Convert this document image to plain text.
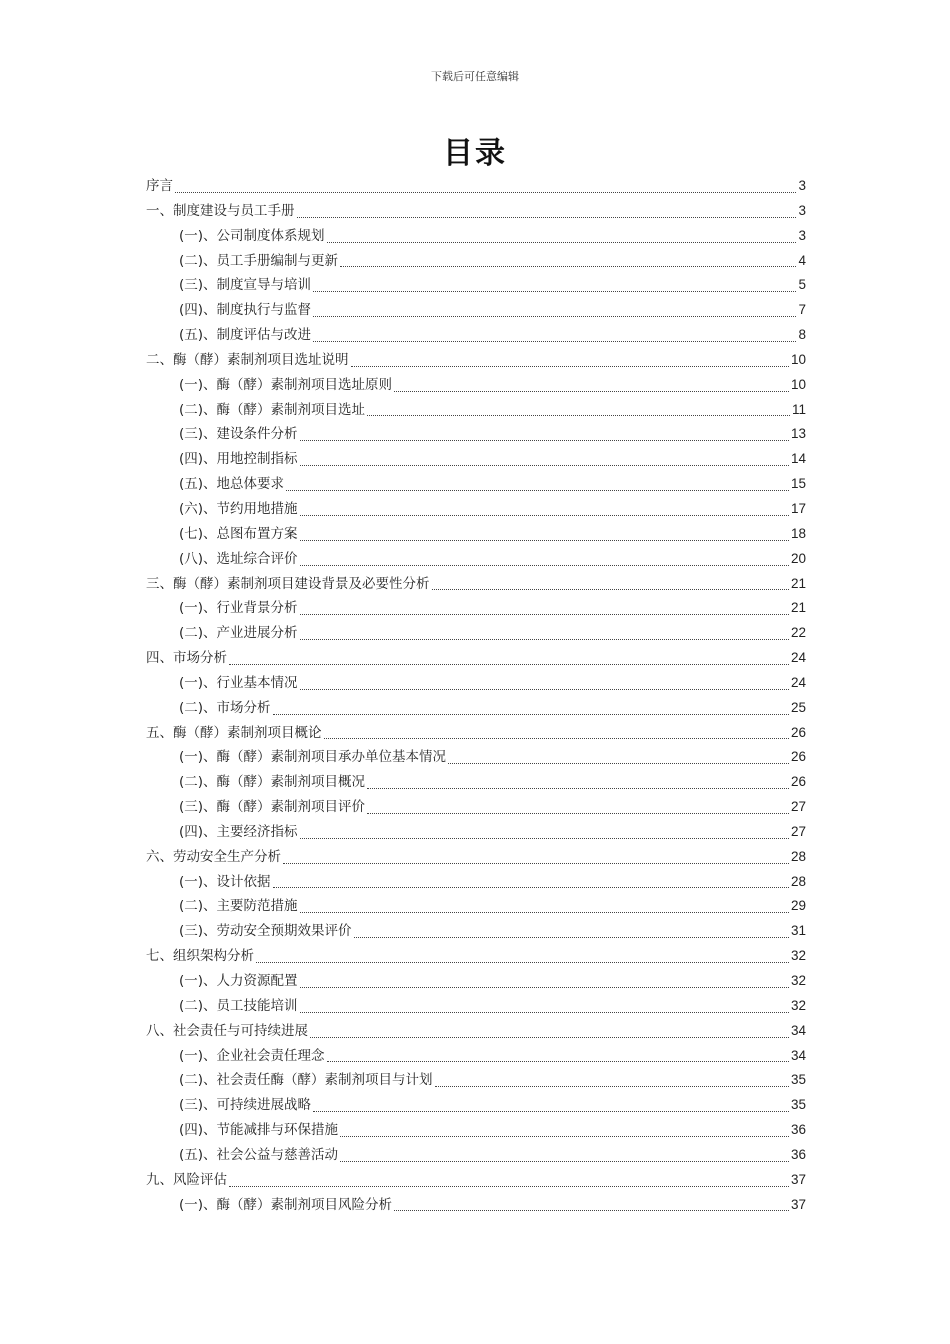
下载后可任意编辑
目录
序言	3
一、制度建设与员工手册	3
(一)、公司制度体系规划	3
(二)、员工手册编制与更新	4
(三)、制度宣导与培训	5
(四)、制度执行与监督	7
(五)、制度评估与改进	8
二、酶（酵）素制剂项目选址说明	10
(一)、酶（酵）素制剂项目选址原则	10
(二)、酶（酵）素制剂项目选址	11
(三)、建设条件分析	13
(四)、用地控制指标	14
(五)、地总体要求	15
(六)、节约用地措施	17
(七)、总图布置方案	18
(八)、选址综合评价	20
三、酶（酵）素制剂项目建设背景及必要性分析	21
(一)、行业背景分析	21
(二)、产业进展分析	22
四、市场分析	24
(一)、行业基本情况	24
(二)、市场分析	25
五、酶（酵）素制剂项目概论	26
(一)、酶（酵）素制剂项目承办单位基本情况	26
(二)、酶（酵）素制剂项目概况	26
(三)、酶（酵）素制剂项目评价	27
(四)、主要经济指标	27
六、劳动安全生产分析	28
(一)、设计依据	28
(二)、主要防范措施	29
(三)、劳动安全预期效果评价	31
七、组织架构分析	32
(一)、人力资源配置	32
(二)、员工技能培训	32
八、社会责任与可持续进展	34
(一)、企业社会责任理念	34
(二)、社会责任酶（酵）素制剂项目与计划	35
(三)、可持续进展战略	35
(四)、节能减排与环保措施	36
(五)、社会公益与慈善活动	36
九、风险评估	37
(一)、酶（酵）素制剂项目风险分析	37
